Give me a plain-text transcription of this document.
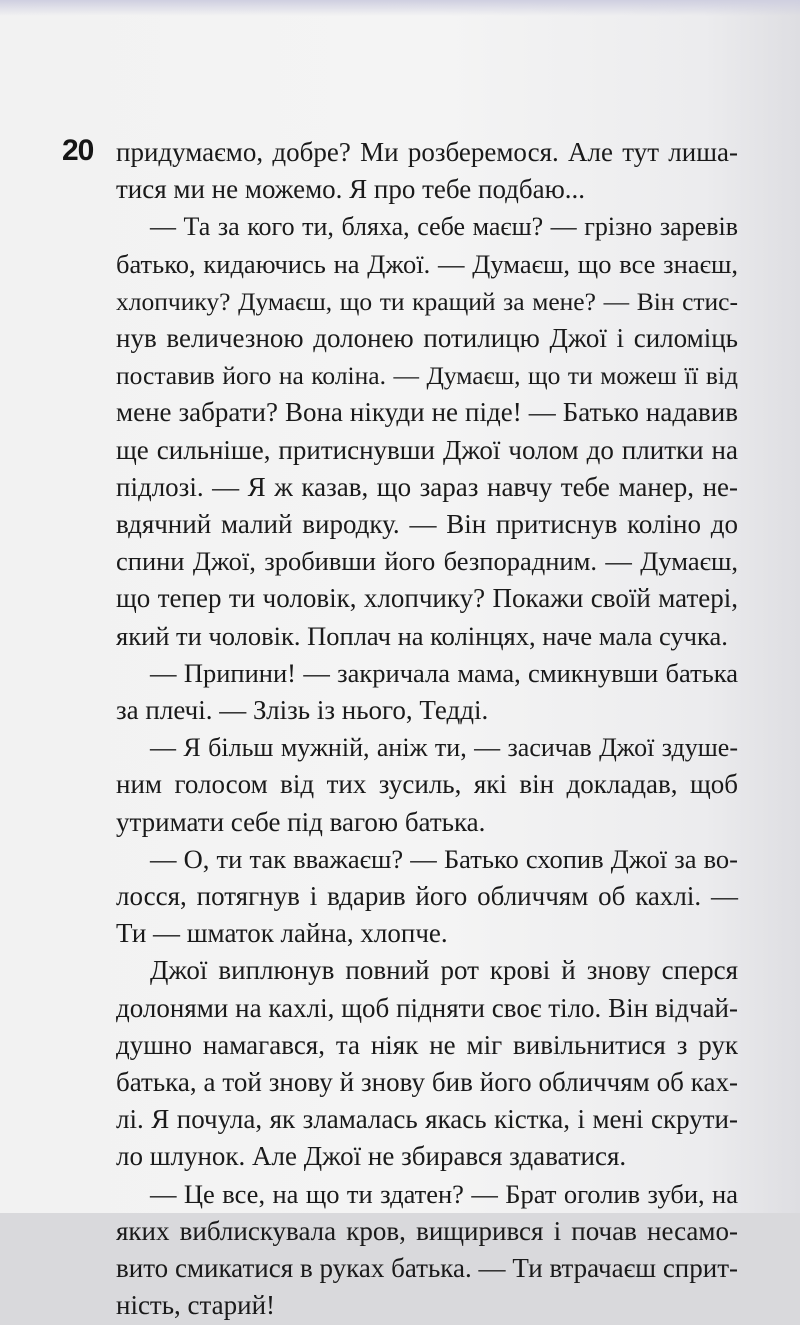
20 придумаємо, добре? Ми розберемося. Але тут лиша-
тися ми не можемо. Я про тебе подбаю...
— Та за кого ти, бляха, себе маєш? — грізно заревів
батько, кидаючись на Джої. — Думаєш, що все знаєш,
хлопчику? Думаєш, що ти кращий за мене? — Він стис-
нув величезною долонею потилицю Джої і силоміць
поставив його на коліна. — Думаєш, що ти можеш її від
мене забрати? Вона нікуди не піде! — Батько надавив
ще сильніше, притиснувши Джої чолом до плитки на
підлозі. — Я ж казав, що зараз навчу тебе манер, не-
вдячний малий виродку. — Він притиснув коліно до
спини Джої, зробивши його безпорадним. — Думаєш,
що тепер ти чоловік, хлопчику? Покажи своїй матері,
який ти чоловік. Поплач на колінцях, наче мала сучка.
— Припини! — закричала мама, смикнувши батька
за плечі. — Злізь із нього, Тедді.
— Я більш мужній, аніж ти, — засичав Джої здуше-
ним голосом від тих зусиль, які він докладав, щоб
утримати себе під вагою батька.
— О, ти так вважаєш? — Батько схопив Джої за во-
лосся, потягнув і вдарив його обличчям об кахлі. —
Ти — шматок лайна, хлопче.
Джої виплюнув повний рот крові й знову сперся
долонями на кахлі, щоб підняти своє тіло. Він відчай-
душно намагався, та ніяк не міг вивільнитися з рук
батька, а той знову й знову бив його обличчям об ках-
лі. Я почула, як зламалась якась кістка, і мені скрути-
ло шлунок. Але Джої не збирався здаватися.
— Це все, на що ти здатен? — Брат оголив зуби, на
яких виблискувала кров, вищирився і почав несамо-
вито смикатися в руках батька. — Ти втрачаєш сприт-
ність, старий!
